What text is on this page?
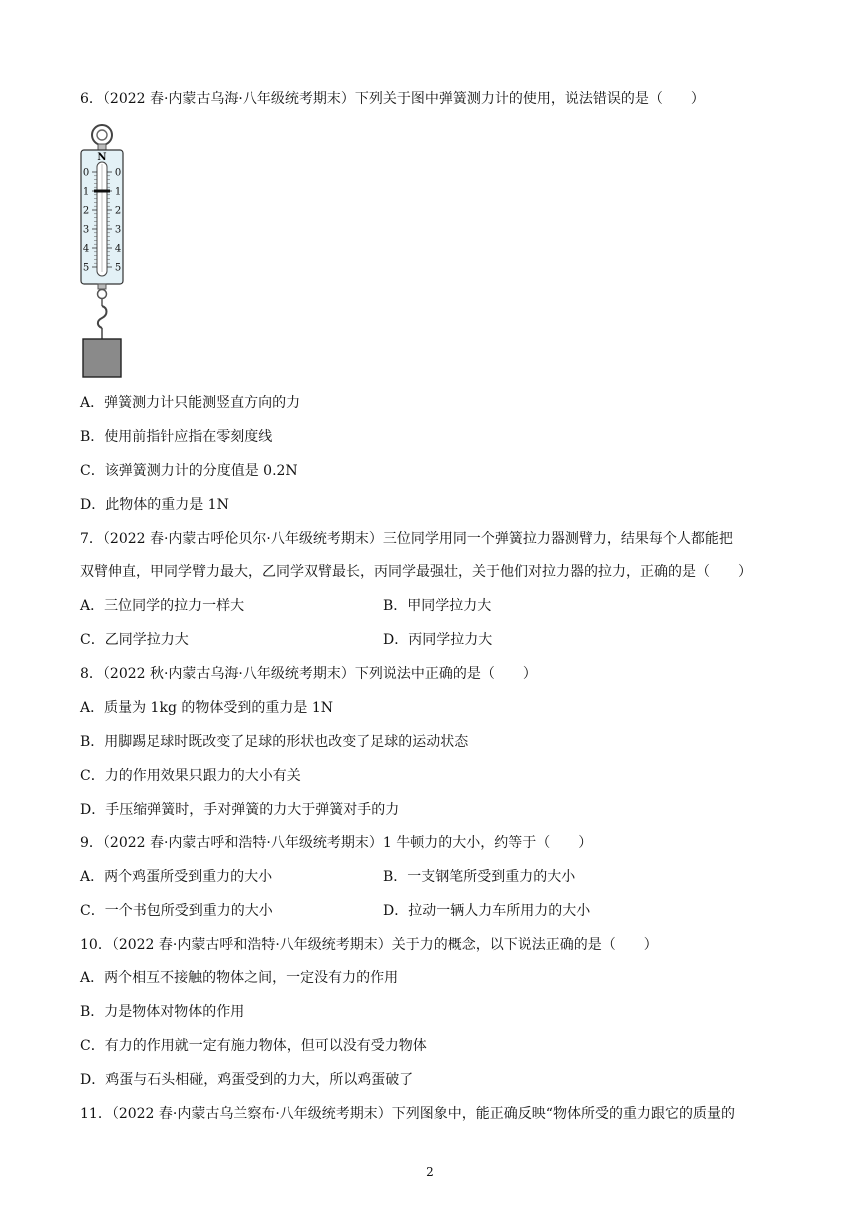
6．（2022 春·内蒙古乌海·八年级统考期末）下列关于图中弹簧测力计的使用，说法错误的是（　　）
N
0
1
2
3
4
5
0
1
2
3
4
5
A．弹簧测力计只能测竖直方向的力
B．使用前指针应指在零刻度线
C．该弹簧测力计的分度值是 0.2N
D．此物体的重力是 1N
7．（2022 春·内蒙古呼伦贝尔·八年级统考期末）三位同学用同一个弹簧拉力器测臂力，结果每个人都能把
双臂伸直，甲同学臂力最大，乙同学双臂最长，丙同学最强壮，关于他们对拉力器的拉力，正确的是（　　）
A．三位同学的拉力一样大	B．甲同学拉力大
C．乙同学拉力大	D．丙同学拉力大
8．（2022 秋·内蒙古乌海·八年级统考期末）下列说法中正确的是（　　）
A．质量为 1kg 的物体受到的重力是 1N
B．用脚踢足球时既改变了足球的形状也改变了足球的运动状态
C．力的作用效果只跟力的大小有关
D．手压缩弹簧时，手对弹簧的力大于弹簧对手的力
9．（2022 春·内蒙古呼和浩特·八年级统考期末）1 牛顿力的大小，约等于（　　）
A．两个鸡蛋所受到重力的大小	B．一支钢笔所受到重力的大小
C．一个书包所受到重力的大小	D．拉动一辆人力车所用力的大小
10．（2022 春·内蒙古呼和浩特·八年级统考期末）关于力的概念，以下说法正确的是（　　）
A．两个相互不接触的物体之间，一定没有力的作用
B．力是物体对物体的作用
C．有力的作用就一定有施力物体，但可以没有受力物体
D．鸡蛋与石头相碰，鸡蛋受到的力大，所以鸡蛋破了
11．（2022 春·内蒙古乌兰察布·八年级统考期末）下列图象中，能正确反映“物体所受的重力跟它的质量的
2
